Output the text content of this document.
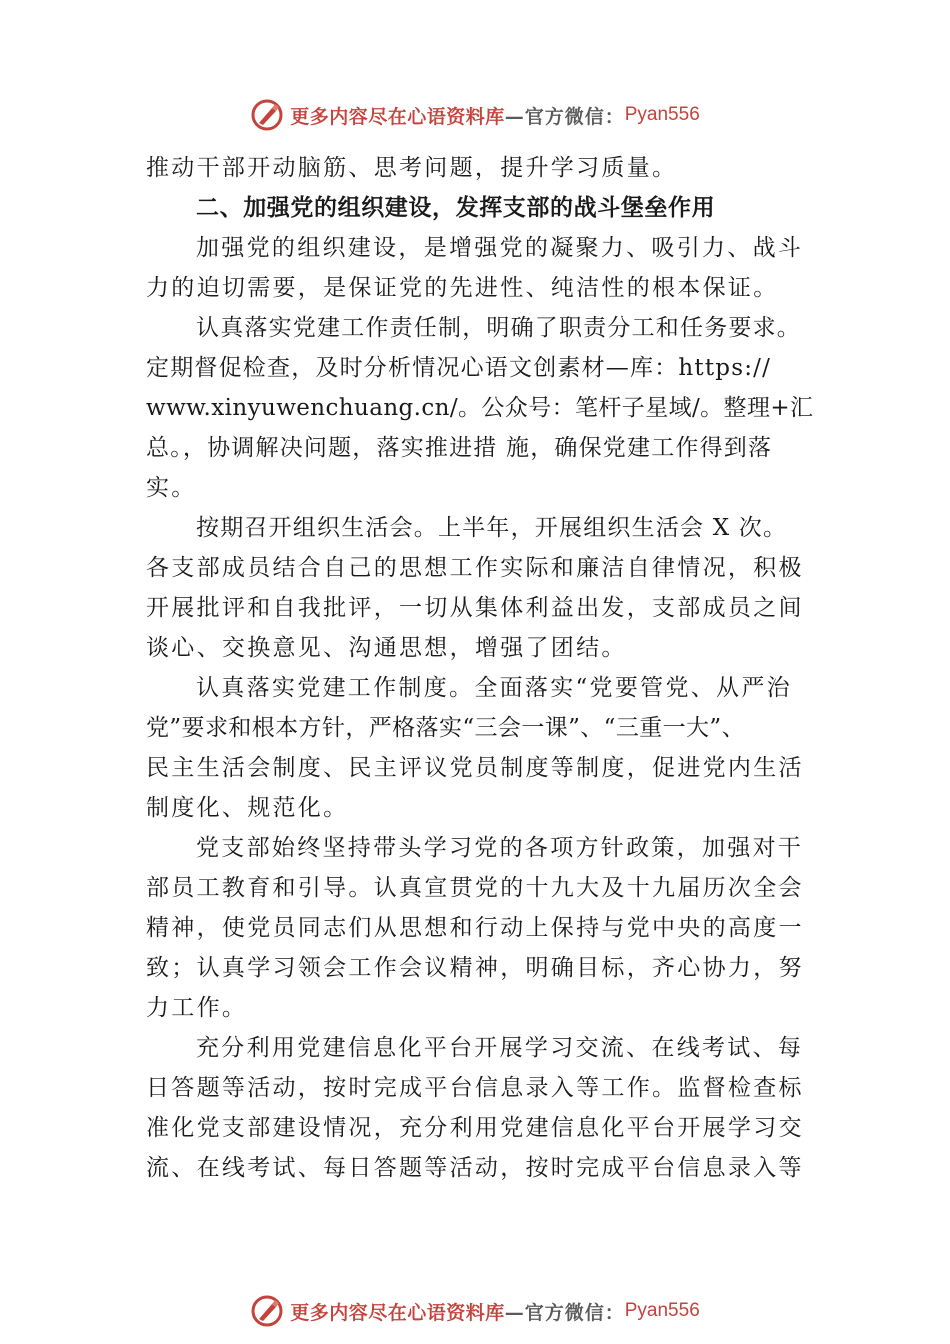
更多内容尽在心语资料库 —官方微信： Pyan556
推动干部开动脑筋、思考问题，提升学习质量。
二、加强党的组织建设，发挥支部的战斗堡垒作用
加强党的组织建设，是增强党的凝聚力、吸引力、战斗
力的迫切需要，是保证党的先进性、纯洁性的根本保证。
认真落实党建工作责任制，明确了职责分工和任务要求。
定期督促检查，及时分析情况心语文创素材—库：https://
www.xinyuwenchuang.cn/。公众号：笔杆子星域/。整理+汇
总。，协调解决问题，落实推进措 施，确保党建工作得到落
实。
按期召开组织生活会。上半年，开展组织生活会 X 次。
各支部成员结合自己的思想工作实际和廉洁自律情况，积极
开展批评和自我批评，一切从集体利益出发，支部成员之间
谈心、交换意见、沟通思想，增强了团结。
认真落实党建工作制度。全面落实“党要管党、从严治
党”要求和根本方针，严格落实“三会一课”、“三重一大”、
民主生活会制度、民主评议党员制度等制度，促进党内生活
制度化、规范化。
党支部始终坚持带头学习党的各项方针政策，加强对干
部员工教育和引导。认真宣贯党的十九大及十九届历次全会
精神，使党员同志们从思想和行动上保持与党中央的高度一
致；认真学习领会工作会议精神，明确目标，齐心协力，努
力工作。
充分利用党建信息化平台开展学习交流、在线考试、每
日答题等活动，按时完成平台信息录入等工作。监督检查标
准化党支部建设情况，充分利用党建信息化平台开展学习交
流、在线考试、每日答题等活动，按时完成平台信息录入等
更多内容尽在心语资料库 —官方微信： Pyan556
